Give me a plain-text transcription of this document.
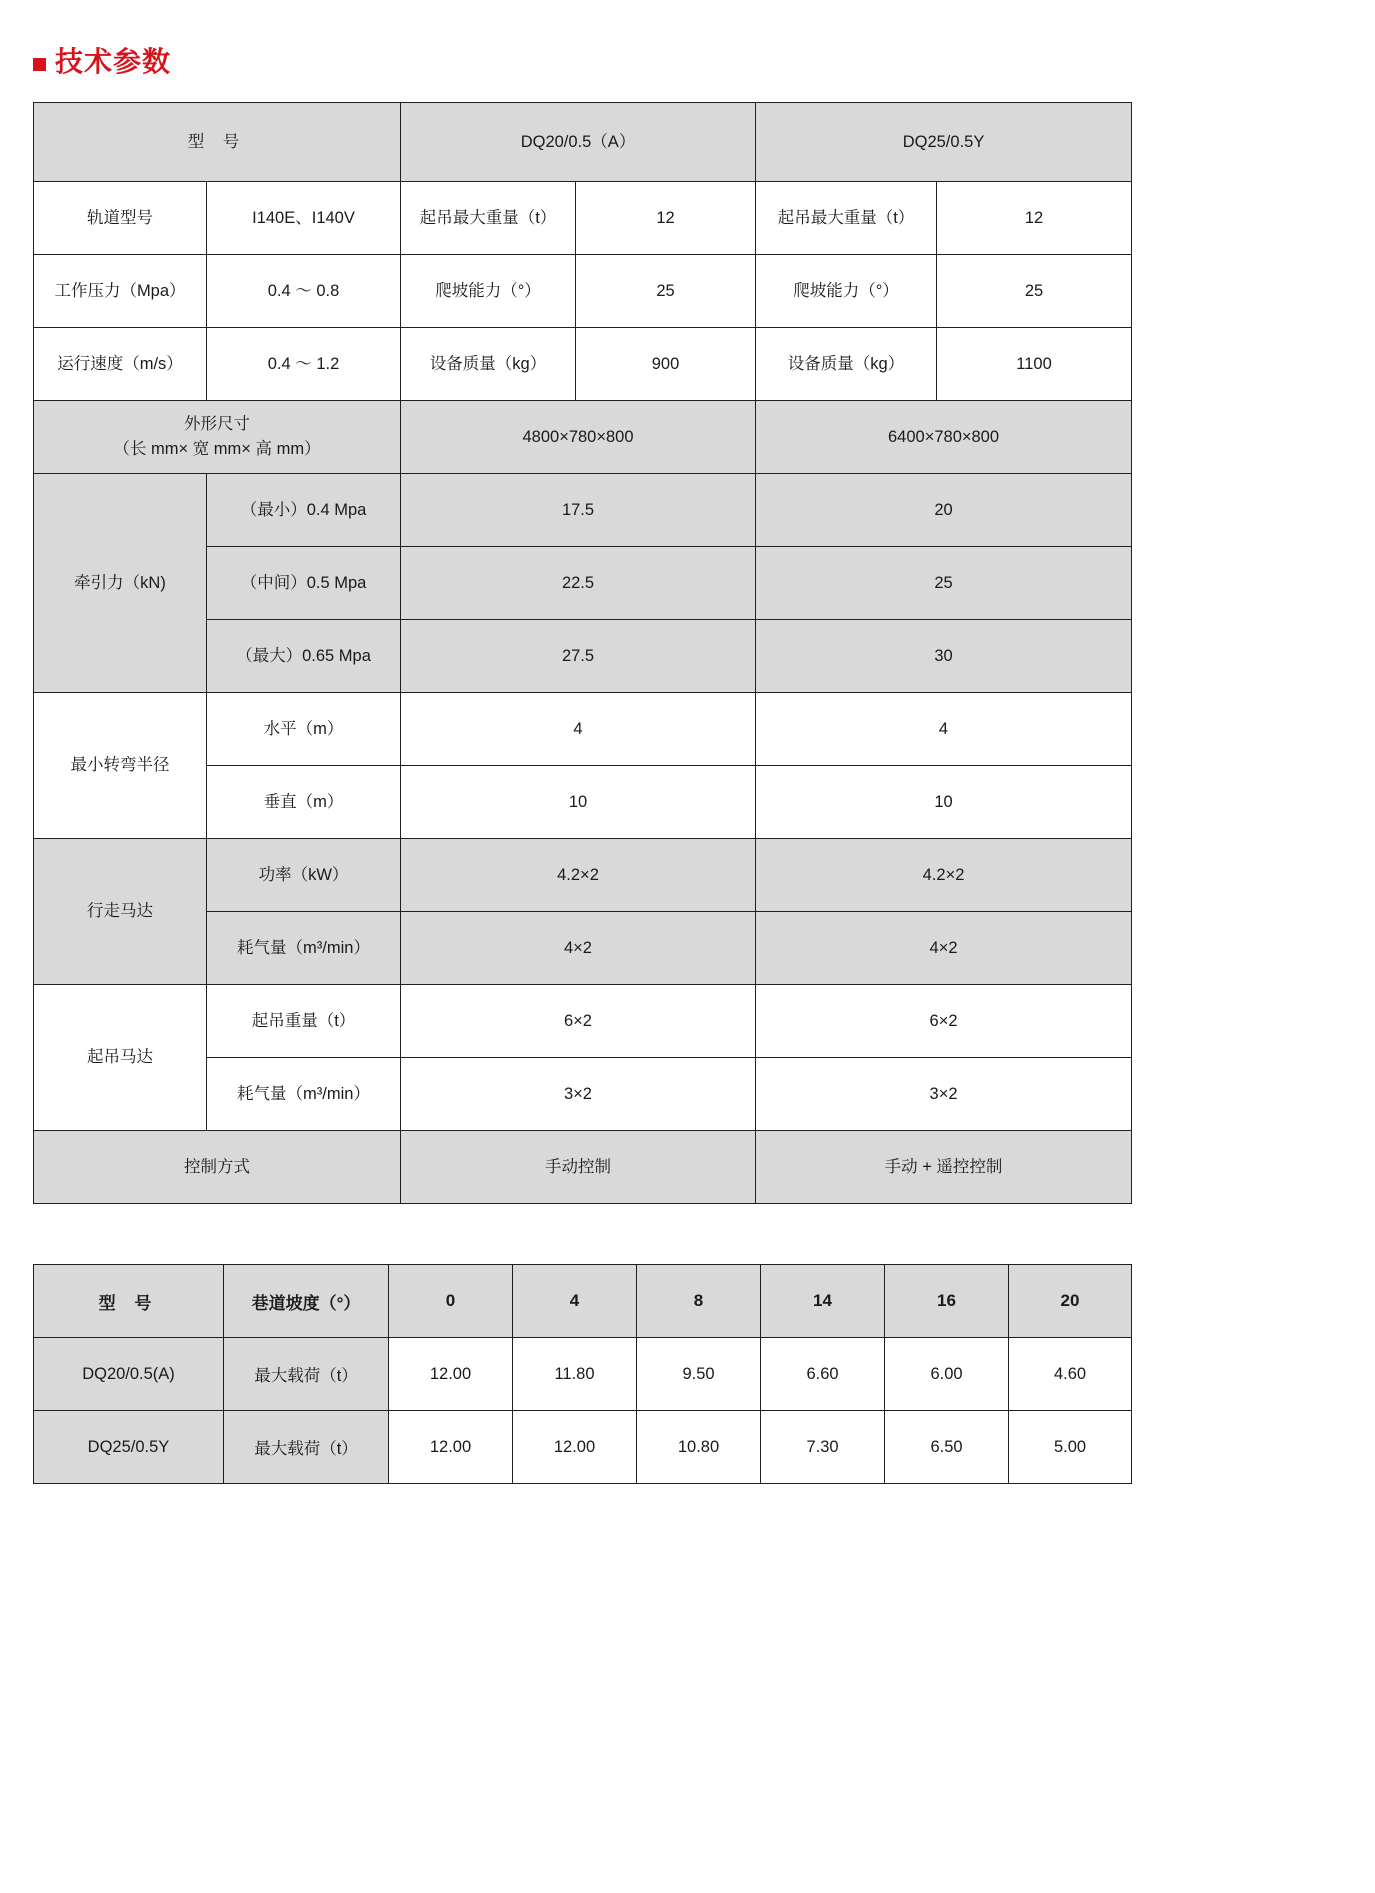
技术参数
型 号		DQ20/0.5（A）		DQ25/0.5Y	
轨道型号	I140E、I140V	起吊最大重量（t）	12	起吊最大重量（t）	12
工作压力（Mpa）	0.4 ～ 0.8	爬坡能力（°）	25	爬坡能力（°）	25
运行速度（m/s）	0.4 ～ 1.2	设备质量（kg）	900	设备质量（kg）	1100

外形尺寸
（长 mm× 宽 mm× 高 mm）		4800×780×800		6400×780×800	
牵引力（kN)	（最小）0.4 Mpa	17.5		20	
	（中间）0.5 Mpa	22.5		25	
	（最大）0.65 Mpa	27.5		30	
最小转弯半径	水平（m）	4		4	
	垂直（m）	10		10	
行走马达	功率（kW）	4.2×2		4.2×2	
	耗气量（m³/min）	4×2		4×2	
起吊马达	起吊重量（t）	6×2		6×2	
	耗气量（m³/min）	3×2		3×2	
控制方式		手动控制		手动 + 遥控控制	
型 号	巷道坡度（°）	0	4	8	14	16	20
DQ20/0.5(A)	最大载荷（t）	12.00	11.80	9.50	6.60	6.00	4.60
DQ25/0.5Y	最大载荷（t）	12.00	12.00	10.80	7.30	6.50	5.00
